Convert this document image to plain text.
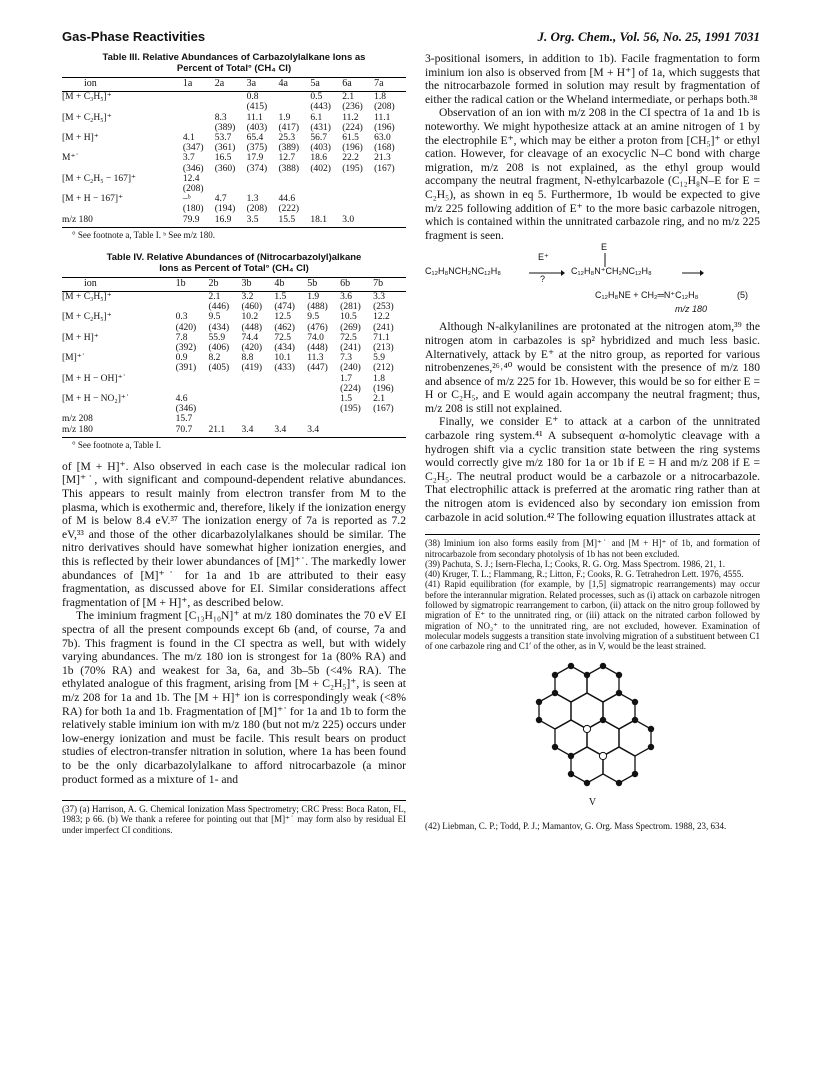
Gas-Phase Reactivities	J. Org. Chem., Vol. 56, No. 25, 1991 7031
Table III. Relative Abundances of Carbazolylalkane Ions as
Percent of Total° (CH₄ CI)
ion	1a	2a	3a	4a	5a	6a	7a
[M + C₃H₅]⁺			0.8		0.5	2.1	1.8
			(415)		(443)	(236)	(208)
[M + C₂H₅]⁺		8.3	11.1	1.9	6.1	11.2	11.1
		(389)	(403)	(417)	(431)	(224)	(196)
[M + H]⁺	4.1	53.7	65.4	25.3	56.7	61.5	63.0
	(347)	(361)	(375)	(389)	(403)	(196)	(168)
M⁺˙	3.7	16.5	17.9	12.7	18.6	22.2	21.3
	(346)	(360)	(374)	(388)	(402)	(195)	(167)
[M + C₂H₅ − 167]⁺	12.4						
	(208)						
[M + H − 167]⁺	–ᵇ	4.7	1.3	44.6			
	(180)	(194)	(208)	(222)			
m/z 180	79.9	16.9	3.5	15.5	18.1	3.0	
° See footnote a, Table I. ᵇ See m/z 180.
Table IV. Relative Abundances of (Nitrocarbazolyl)alkane
Ions as Percent of Total° (CH₄ CI)
ion	1b	2b	3b	4b	5b	6b	7b
[M + C₃H₅]⁺		2.1	3.2	1.5	1.9	3.6	3.3
		(446)	(460)	(474)	(488)	(281)	(253)
[M + C₂H₅]⁺	0.3	9.5	10.2	12.5	9.5	10.5	12.2
	(420)	(434)	(448)	(462)	(476)	(269)	(241)
[M + H]⁺	7.8	55.9	74.4	72.5	74.0	72.5	71.1
	(392)	(406)	(420)	(434)	(448)	(241)	(213)
[M]⁺˙	0.9	8.2	8.8	10.1	11.3	7.3	5.9
	(391)	(405)	(419)	(433)	(447)	(240)	(212)
[M + H − OH]⁺˙						1.7	1.8
						(224)	(196)
[M + H − NO₂]⁺˙	4.6					1.5	2.1
	(346)					(195)	(167)
m/z 208	15.7						
m/z 180	70.7	21.1	3.4	3.4	3.4		
° See footnote a, Table I.

of [M + H]⁺. Also observed in each case is the molecular radical ion [M]⁺˙, with significant and compound-dependent relative abundances. This appears to result mainly from electron transfer from M to the plasma, which is exothermic and, therefore, likely if the ionization energy of M is below 8.4 eV.³⁷ The ionization energy of 7a is reported as 7.2 eV,³³ and those of the other dicarbazolylalkanes should be similar. The nitro derivatives should have somewhat higher ionization energies, and this is reflected by their lower abundances of [M]⁺˙. The markedly lower abundances of [M]⁺˙ for 1a and 1b are attributed to their easy fragmentation, as discussed above for EI. Similar considerations affect fragmentation of [M + H]⁺, as described below.

The iminium fragment [C₁₃H₁₀N]⁺ at m/z 180 dominates the 70 eV EI spectra of all the present compounds except 6b (and, of course, 7a and 7b). This fragment is found in the CI spectra as well, but with widely varying abundances. The m/z 180 ion is strongest for 1a (80% RA) and 1b (70% RA) and weakest for 3a, 6a, and 3b–5b (<4% RA). The ethylated analogue of this fragment, arising from [M + C₂H₅]⁺, is seen at m/z 208 for 1a and 1b. The [M + H]⁺ ion is correspondingly weak (<8% RA) for both 1a and 1b. Fragmentation of [M]⁺˙ for 1a and 1b to form the relatively stable iminium ion with m/z 180 (but not m/z 225) occurs under low-energy ionization and must be facile. This result bears on product studies of electron-transfer nitration in solution, where 1a has been found to be the only dicarbazolylalkane to afford nitrocarbazole (a minor product formed as a mixture of 1- and

(37) (a) Harrison, A. G. Chemical Ionization Mass Spectrometry; CRC Press: Boca Raton, FL, 1983; p 66. (b) We thank a referee for pointing out that [M]⁺˙ may form also by residual EI under imperfect CI conditions.

3-positional isomers, in addition to 1b). Facile fragmentation to form iminium ion also is observed from [M + H⁺] of 1a, which suggests that the nitrocarbazole formed in solution may result by fragmentation of either the radical cation or the Wheland intermediate, or perhaps both.³⁸

Observation of an ion with m/z 208 in the CI spectra of 1a and 1b is noteworthy. We might hypothesize attack at an amine nitrogen of 1 by the electrophile E⁺, which may be either a proton from [CH₅]⁺ or ethyl cation. However, for cleavage of an exocyclic N–C bond with charge migration, m/z 208 is not explained, as the ethyl group would accompany the neutral fragment, N-ethylcarbazole (C₁₂H₈N–E for E = C₂H₅), as shown in eq 5. Furthermore, 1b would be expected to give m/z 225 following addition of E⁺ to the more basic carbazole nitrogen, which is contained within the unnitrated carbazole ring, and no m/z 225 fragment is seen.

C₁₂H₈NCH₂NC₁₂H₈
E⁺
?
E
C₁₂H₈N⁺CH₂NC₁₂H₈
C₁₂H₈NE + CH₂═N⁺C₁₂H₈	(5)
m/z 180

Although N-alkylanilines are protonated at the nitrogen atom,³⁹ the nitrogen atom in carbazoles is sp² hybridized and much less basic. Alternatively, attack by E⁺ at the nitro group, as reported for various nitrobenzenes,²⁶˒⁴⁰ would be consistent with the presence of m/z 180 and absence of m/z 225 for 1b. However, this would be so for either E = H or C₂H₅, and E would again accompany the neutral fragment; thus, m/z 208 is still not explained.

Finally, we consider E⁺ to attack at a carbon of the unnitrated carbazole ring system.⁴¹ A subsequent α-homolytic cleavage with a hydrogen shift via a cyclic transition state between the ring systems would correctly give m/z 180 for 1a or 1b if E = H and m/z 208 if E = C₂H₅. The neutral product would be a carbazole or a nitrocarbazole. That electrophilic attack is preferred at the aromatic ring rather than at the nitrogen atom is evidenced also by secondary ion emission from carbazole in acid solution.⁴² The following equation illustrates attack at

(38) Iminium ion also forms easily from [M]⁺˙ and [M + H]⁺ of 1b, and formation of nitrocarbazole from secondary photolysis of 1b has not been excluded.

(39) Pachuta, S. J.; Isern-Flecha, I.; Cooks, R. G. Org. Mass Spectrom. 1986, 21, 1.

(40) Kruger, T. L.; Flammang, R.; Litton, F.; Cooks, R. G. Tetrahedron Lett. 1976, 4555.

(41) Rapid equilibration (for example, by [1,5] sigmatropic rearrangements) may occur before the interannular migration. Related processes, such as (i) attack on carbazole nitrogen followed by sigmatropic rearrangement to carbon, (ii) attack on the nitro group followed by migration of E⁺ to the unnitrated ring, or (iii) attack on the nitrated carbon followed by migration of NO₂⁺ to the unnitrated ring, are not excluded, however. Examination of molecular models suggests a transition state involving migration of a substituent between C1 of one carbazole ring and C1′ of the other, as in V, would be the least strained.

V

(42) Liebman, C. P.; Todd, P. J.; Mamantov, G. Org. Mass Spectrom. 1988, 23, 634.
